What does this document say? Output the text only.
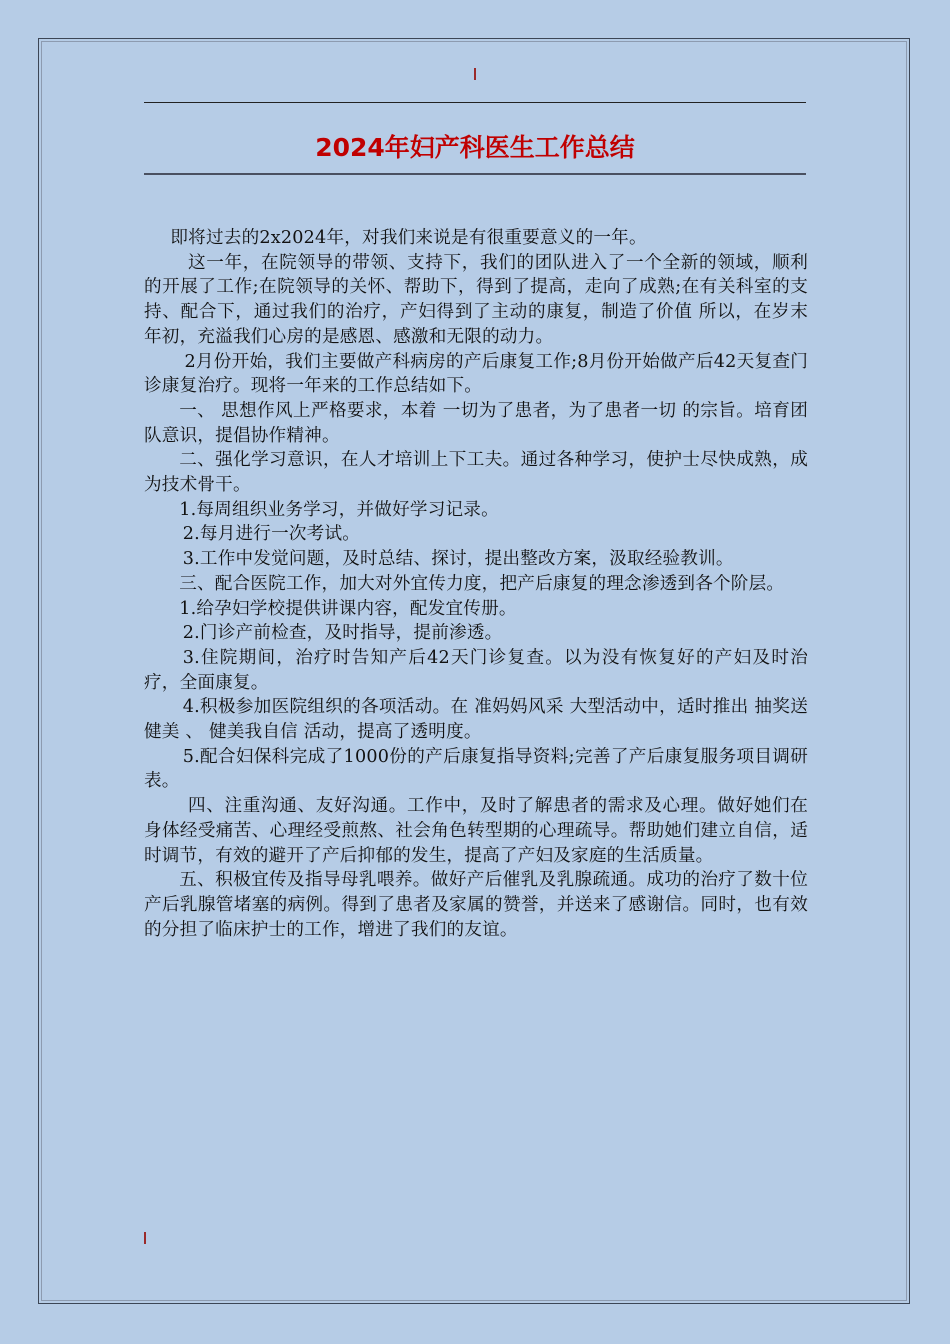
2024年妇产科医生工作总结

即将过去的2x2024年，对我们来说是有很重要意义的一年。

这一年，在院领导的带领、支持下，我们的团队进入了一个全新的领域，顺利的开展了工作;在院领导的关怀、帮助下，得到了提高，走向了成熟;在有关科室的支持、配合下，通过我们的治疗，产妇得到了主动的康复，制造了价值 所以，在岁末年初，充溢我们心房的是感恩、感激和无限的动力。

2月份开始，我们主要做产科病房的产后康复工作;8月份开始做产后42天复查门诊康复治疗。现将一年来的工作总结如下。

一、 思想作风上严格要求，本着 一切为了患者，为了患者一切 的宗旨。培育团队意识，提倡协作精神。

二、强化学习意识，在人才培训上下工夫。通过各种学习，使护士尽快成熟，成为技术骨干。

1.每周组织业务学习，并做好学习记录。

2.每月进行一次考试。

3.工作中发觉问题，及时总结、探讨，提出整改方案，汲取经验教训。

三、配合医院工作，加大对外宜传力度，把产后康复的理念渗透到各个阶层。

1.给孕妇学校提供讲课内容，配发宜传册。

2.门诊产前检查，及时指导，提前渗透。

3.住院期间，治疗时告知产后42天门诊复查。以为没有恢复好的产妇及时治疗，全面康复。

4.积极参加医院组织的各项活动。在 准妈妈风采 大型活动中，适时推出 抽奖送健美 、 健美我自信 活动，提高了透明度。

5.配合妇保科完成了1000份的产后康复指导资料;完善了产后康复服务项目调研表。

四、注重沟通、友好沟通。工作中，及时了解患者的需求及心理。做好她们在身体经受痛苦、心理经受煎熬、社会角色转型期的心理疏导。帮助她们建立自信，适时调节，有效的避开了产后抑郁的发生，提高了产妇及家庭的生活质量。

五、积极宜传及指导母乳喂养。做好产后催乳及乳腺疏通。成功的治疗了数十位产后乳腺管堵塞的病例。得到了患者及家属的赞誉，并送来了感谢信。同时，也有效的分担了临床护士的工作，增进了我们的友谊。
